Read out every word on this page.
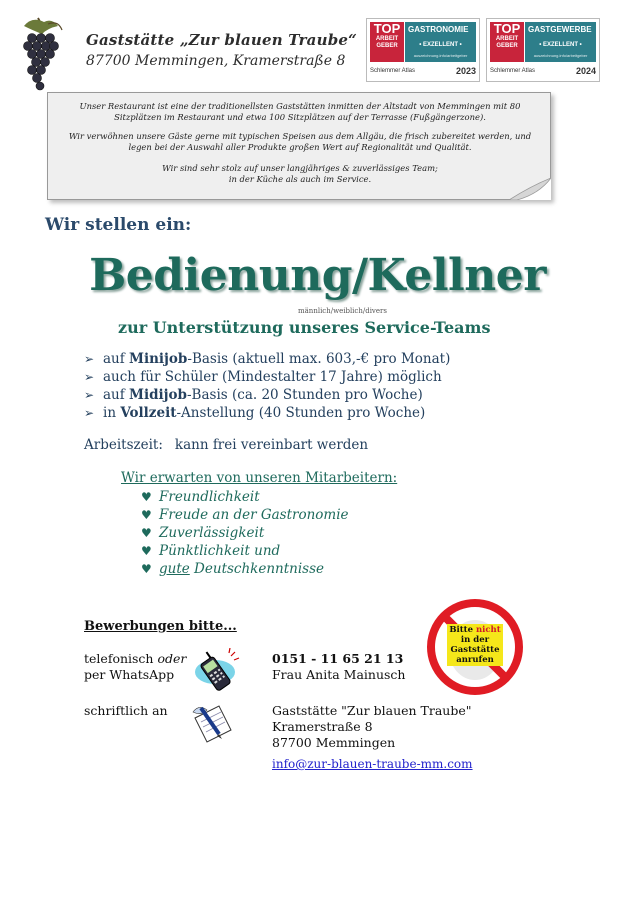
Gaststätte „Zur blauen Traube“
87700 Memmingen, Kramerstraße 8
TOP
ARBEIT
GEBER
GASTRONOMIE
• EXZELLENT •
auszeichnung.info/arbeitgeber
Schlemmer Atlas	2023
TOP
ARBEIT
GEBER
GASTGEWERBE
• EXZELLENT •
auszeichnung.info/arbeitgeber
Schlemmer Atlas	2024

Unser Restaurant ist eine der traditionellsten Gaststätten inmitten der Altstadt von Memmingen mit 80 Sitzplätzen im Restaurant und etwa 100 Sitzplätzen auf der Terrasse (Fußgängerzone).

Wir verwöhnen unsere Gäste gerne mit typischen Speisen aus dem Allgäu, die frisch zubereitet werden, und legen bei der Auswahl aller Produkte großen Wert auf Regionalität und Qualität.

Wir sind sehr stolz auf unser langjähriges & zuverlässiges Team;

in der Küche als auch im Service.

Wir stellen ein:
Bedienung/Kellner
männlich/weiblich/divers
zur Unterstützung unseres Service-Teams
➢ auf Minijob-Basis (aktuell max. 603,-€ pro Monat)
➢ auch für Schüler (Mindestalter 17 Jahre) möglich
➢ auf Midijob-Basis (ca. 20 Stunden pro Woche)
➢ in Vollzeit-Anstellung (40 Stunden pro Woche)
Arbeitszeit: kann frei vereinbart werden
Wir erwarten von unseren Mitarbeitern:
♥ Freundlichkeit
♥ Freude an der Gastronomie
♥ Zuverlässigkeit
♥ Pünktlichkeit und
♥ gute Deutschkenntnisse
Bewerbungen bitte...
telefonisch oder
per WhatsApp
0151 - 11 65 21 13
Frau Anita Mainusch
schriftlich an	Gaststätte "Zur blauen Traube"
Kramerstraße 8
87700 Memmingen
info@zur-blauen-traube-mm.com
Bitte nicht
in der
Gaststätte
anrufen
